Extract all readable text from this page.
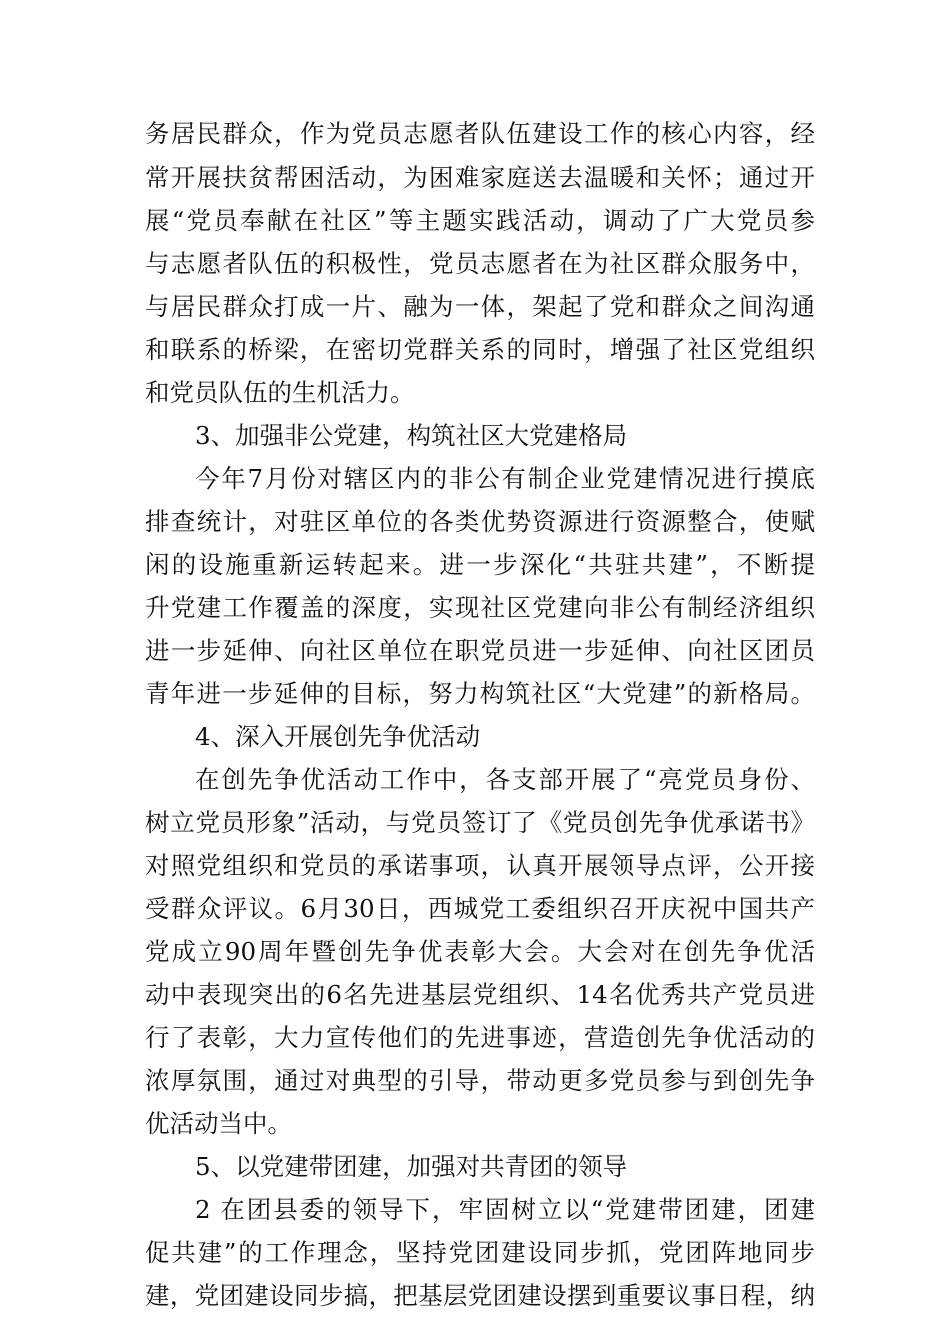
务居民群众，作为党员志愿者队伍建设工作的核心内容，经
常开展扶贫帮困活动，为困难家庭送去温暖和关怀；通过开
展“党员奉献在社区”等主题实践活动，调动了广大党员参
与志愿者队伍的积极性，党员志愿者在为社区群众服务中，
与居民群众打成一片、融为一体，架起了党和群众之间沟通
和联系的桥梁，在密切党群关系的同时，增强了社区党组织
和党员队伍的生机活力。
3、加强非公党建，构筑社区大党建格局
今年7月份对辖区内的非公有制企业党建情况进行摸底
排查统计，对驻区单位的各类优势资源进行资源整合，使赋
闲的设施重新运转起来。进一步深化“共驻共建”，不断提
升党建工作覆盖的深度，实现社区党建向非公有制经济组织
进一步延伸、向社区单位在职党员进一步延伸、向社区团员
青年进一步延伸的目标，努力构筑社区“大党建”的新格局。
4、深入开展创先争优活动
在创先争优活动工作中，各支部开展了“亮党员身份、
树立党员形象”活动，与党员签订了《党员创先争优承诺书》
对照党组织和党员的承诺事项，认真开展领导点评，公开接
受群众评议。6月30日，西城党工委组织召开庆祝中国共产
党成立90周年暨创先争优表彰大会。大会对在创先争优活
动中表现突出的6名先进基层党组织、14名优秀共产党员进
行了表彰，大力宣传他们的先进事迹，营造创先争优活动的
浓厚氛围，通过对典型的引导，带动更多党员参与到创先争
优活动当中。
5、以党建带团建，加强对共青团的领导
2 在团县委的领导下，牢固树立以“党建带团建，团建
促共建”的工作理念，坚持党团建设同步抓，党团阵地同步
建，党团建设同步搞，把基层党团建设摆到重要议事日程，纳
